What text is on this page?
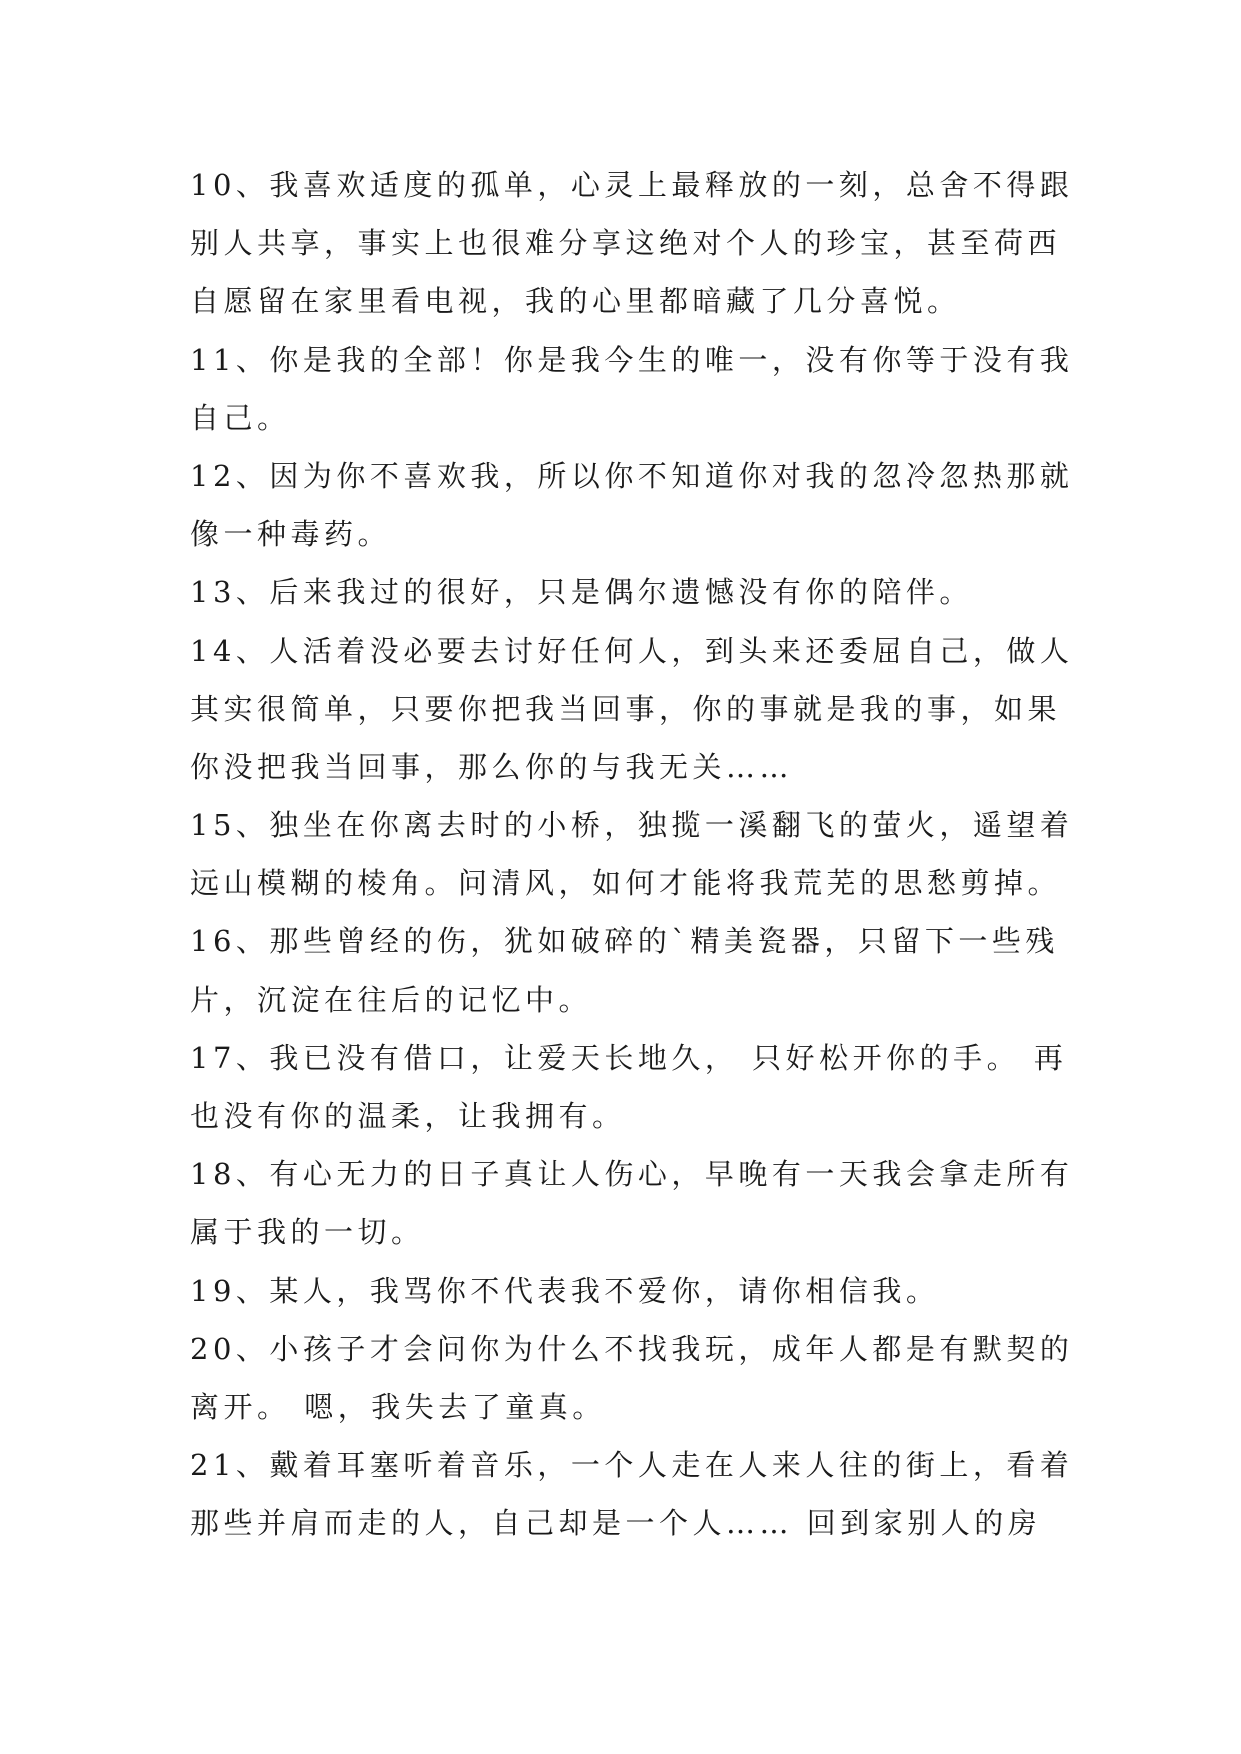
10、我喜欢适度的孤单，心灵上最释放的一刻，总舍不得跟
别人共享，事实上也很难分享这绝对个人的珍宝，甚至荷西
自愿留在家里看电视，我的心里都暗藏了几分喜悦。
11、你是我的全部！你是我今生的唯一，没有你等于没有我
自己。
12、因为你不喜欢我，所以你不知道你对我的忽冷忽热那就
像一种毒药。
13、后来我过的很好，只是偶尔遗憾没有你的陪伴。
14、人活着没必要去讨好任何人，到头来还委屈自己，做人
其实很简单，只要你把我当回事，你的事就是我的事，如果
你没把我当回事，那么你的与我无关……
15、独坐在你离去时的小桥，独揽一溪翻飞的萤火，遥望着
远山模糊的棱角。问清风，如何才能将我荒芜的思愁剪掉。
16、那些曾经的伤，犹如破碎的`精美瓷器，只留下一些残
片，沉淀在往后的记忆中。
17、我已没有借口，让爱天长地久， 只好松开你的手。 再
也没有你的温柔，让我拥有。
18、有心无力的日子真让人伤心，早晚有一天我会拿走所有
属于我的一切。
19、某人，我骂你不代表我不爱你，请你相信我。
20、小孩子才会问你为什么不找我玩，成年人都是有默契的
离开。 嗯，我失去了童真。
21、戴着耳塞听着音乐，一个人走在人来人往的街上，看着
那些并肩而走的人，自己却是一个人…… 回到家别人的房
